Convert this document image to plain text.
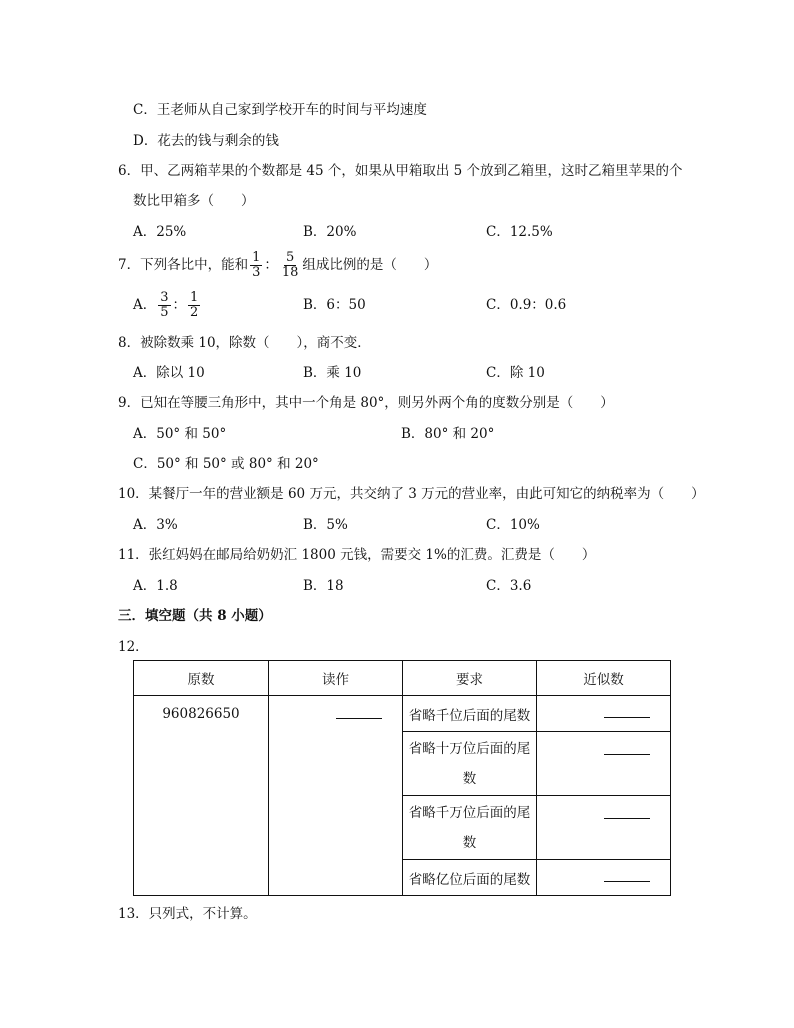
C．王老师从自己家到学校开车的时间与平均速度
D．花去的钱与剩余的钱
6．甲、乙两箱苹果的个数都是 45 个，如果从甲箱取出 5 个放到乙箱里，这时乙箱里苹果的个
数比甲箱多（　　）
A．25%	B．20%	C．12.5%
7．下列各比中，能和 $\frac{1}{3}$ ： $\frac{5}{18}$ 组成比例的是（　　）
A． $\frac{3}{5}$ ： $\frac{1}{2}$	B．6：50	C．0.9：0.6
8．被除数乘 10，除数（　　），商不变．
A．除以 10	B．乘 10	C．除 10
9．已知在等腰三角形中，其中一个角是 80°，则另外两个角的度数分别是（　　）
A．50° 和 50°	B．80° 和 20°
C．50° 和 50° 或 80° 和 20°
10．某餐厅一年的营业额是 60 万元，共交纳了 3 万元的营业率，由此可知它的纳税率为（　　）
A．3%	B．5%	C．10%
11．张红妈妈在邮局给奶奶汇 1800 元钱，需要交 1%的汇费。汇费是（　　）
A．1.8	B．18	C．3.6
三．填空题（共 8 小题）
12．
原数	读作	要求	近似数
960826650		省略千位后面的尾数	
		省略十万位后面的尾数	
		省略千万位后面的尾数	
		省略亿位后面的尾数	
13．只列式，不计算。
